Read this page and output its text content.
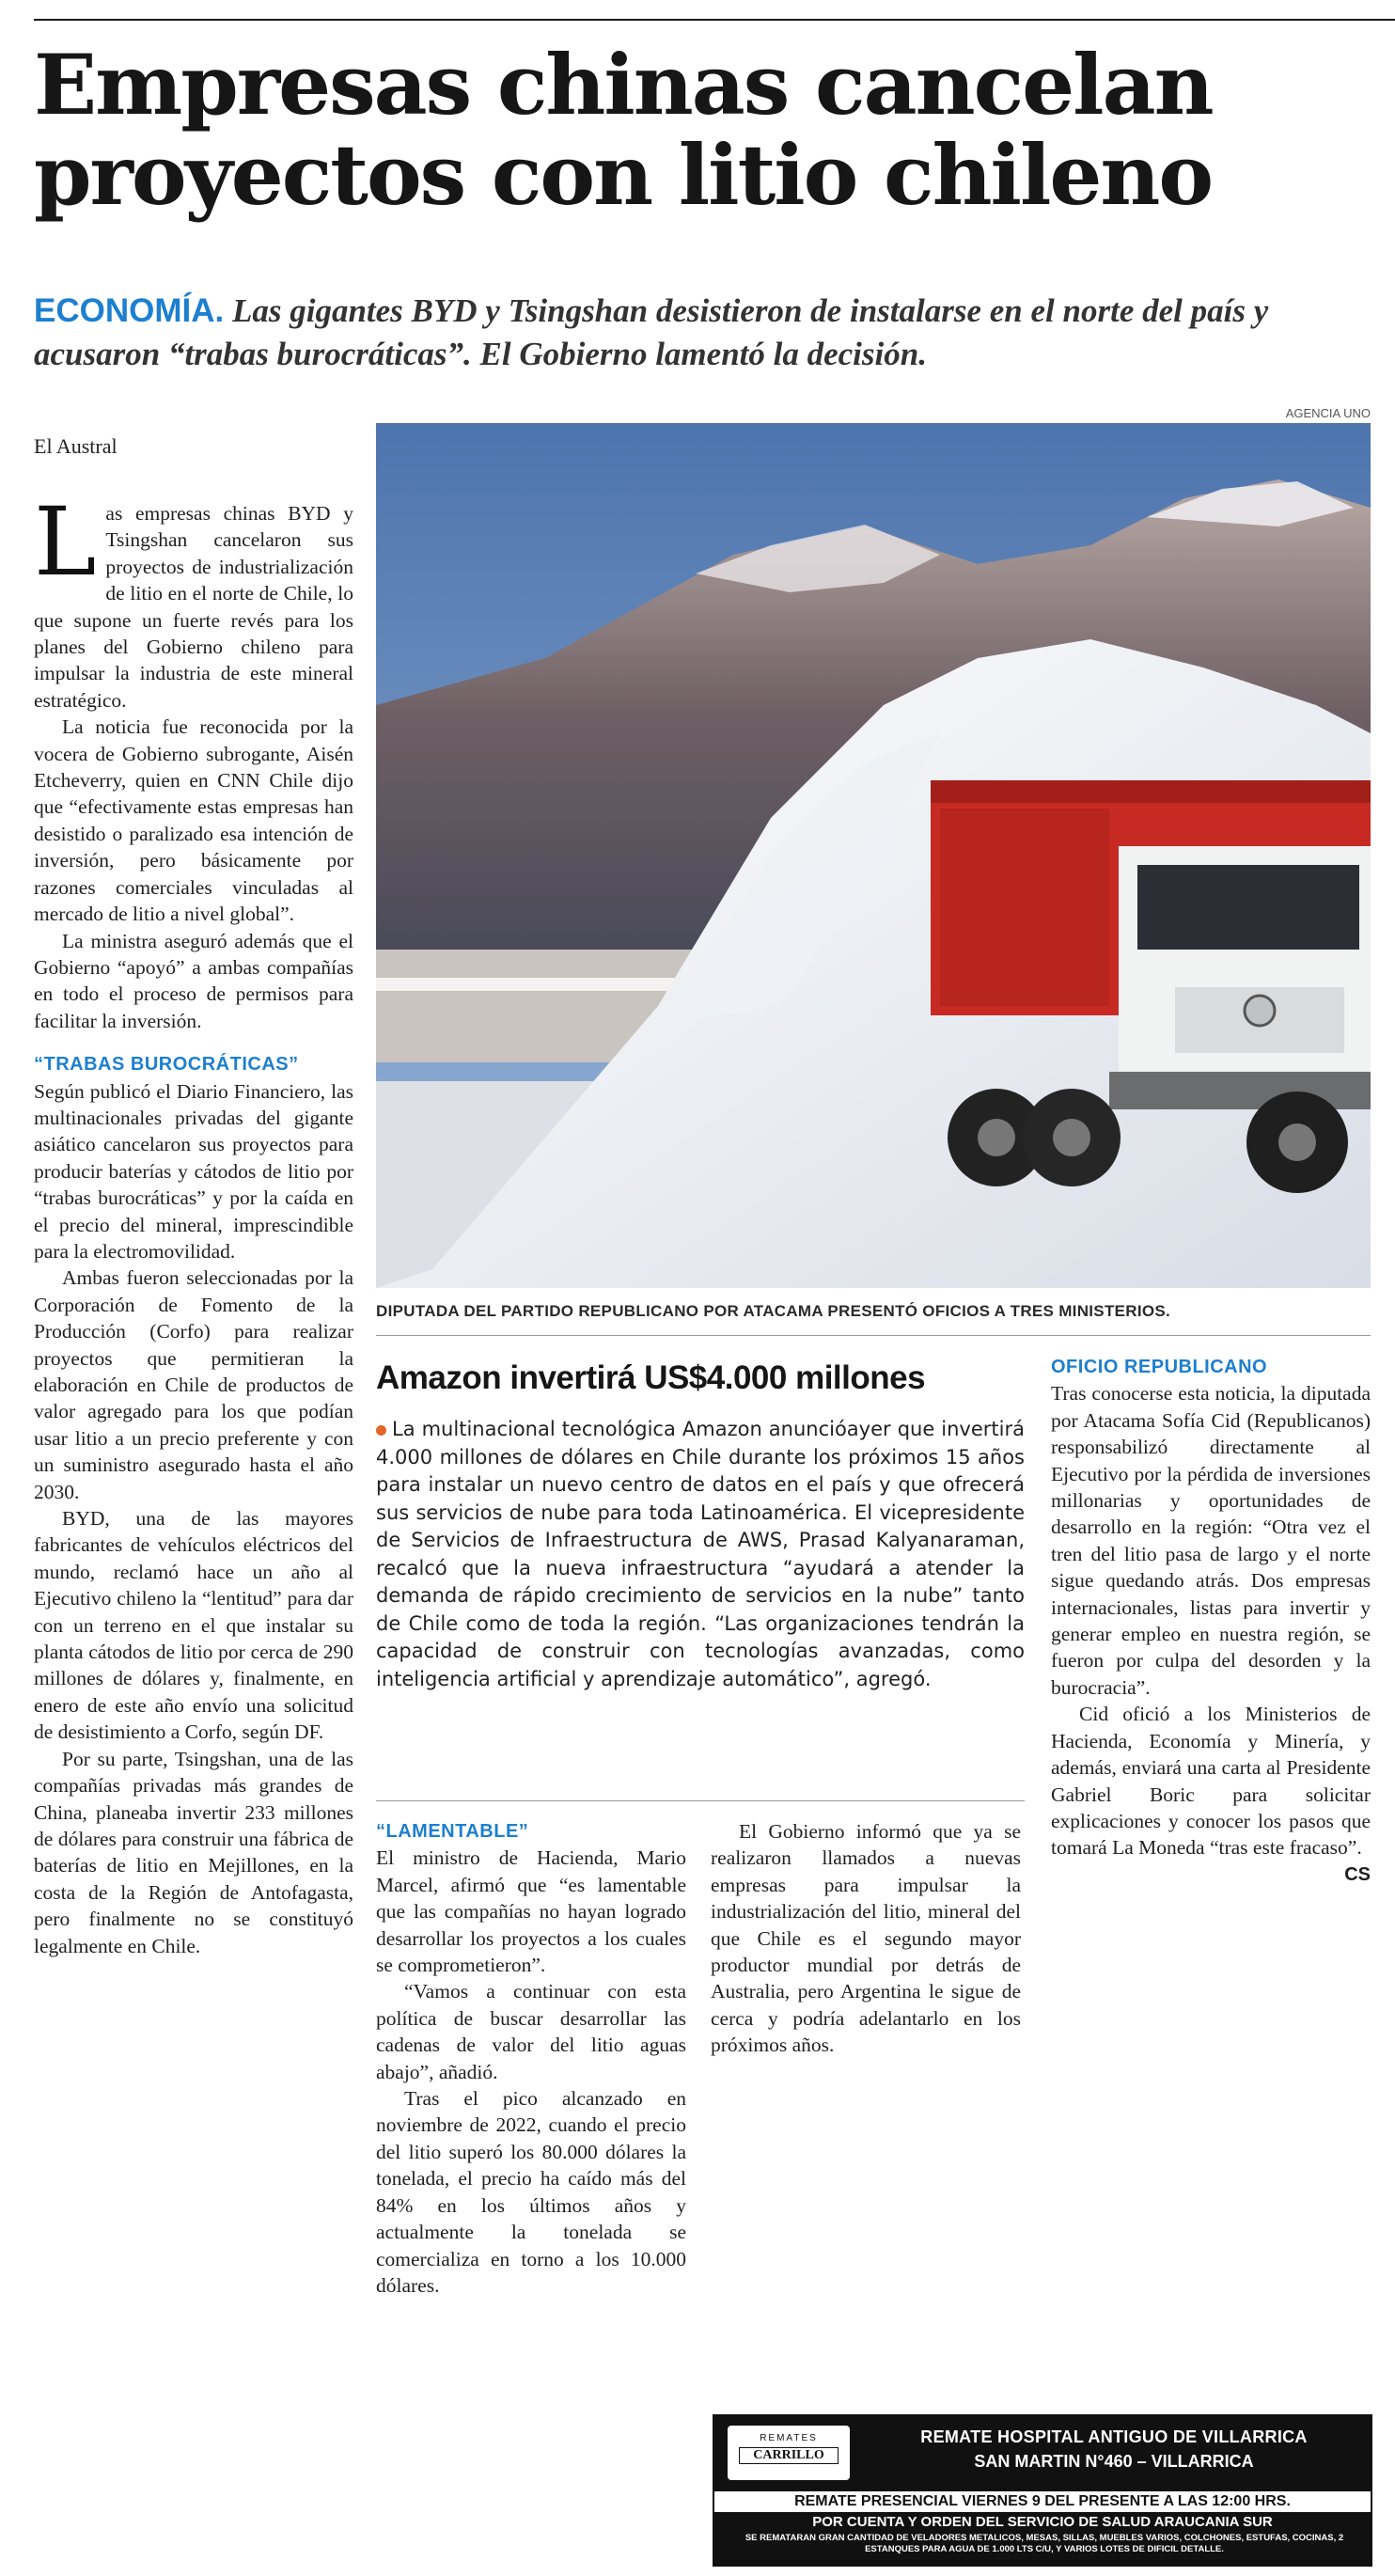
Empresas chinas cancelan proyectos con litio chileno
ECONOMÍA. Las gigantes BYD y Tsingshan desistieron de instalarse en el norte del país y acusaron “trabas burocráticas”. El Gobierno lamentó la decisión.
El Austral
AGENCIA UNO
DIPUTADA DEL PARTIDO REPUBLICANO POR ATACAMA PRESENTÓ OFICIOS A TRES MINISTERIOS.

Las empresas chinas BYD y Tsingshan cancelaron sus proyectos de industrialización de litio en el norte de Chile, lo que supone un fuerte revés para los planes del Gobierno chileno para impulsar la industria de este mineral estratégico.

La noticia fue reconocida por la vocera de Gobierno subrogante, Aisén Etcheverry, quien en CNN Chile dijo que “efectivamente estas empresas han desistido o paralizado esa intención de inversión, pero básicamente por razones comerciales vinculadas al mercado de litio a nivel global”.

La ministra aseguró además que el Gobierno “apoyó” a ambas compañías en todo el proceso de permisos para facilitar la inversión.

“TRABAS BUROCRÁTICAS”

Según publicó el Diario Financiero, las multinacionales privadas del gigante asiático cancelaron sus proyectos para producir baterías y cátodos de litio por “trabas burocráticas” y por la caída en el precio del mineral, imprescindible para la electromovilidad.

Ambas fueron seleccionadas por la Corporación de Fomento de la Producción (Corfo) para realizar proyectos que permitieran la elaboración en Chile de productos de valor agregado para los que podían usar litio a un precio preferente y con un suministro asegurado hasta el año 2030.

BYD, una de las mayores fabricantes de vehículos eléctricos del mundo, reclamó hace un año al Ejecutivo chileno la “lentitud” para dar con un terreno en el que instalar su planta cátodos de litio por cerca de 290 millones de dólares y, finalmente, en enero de este año envío una solicitud de desistimiento a Corfo, según DF.

Por su parte, Tsingshan, una de las compañías privadas más grandes de China, planeaba invertir 233 millones de dólares para construir una fábrica de baterías de litio en Mejillones, en la costa de la Región de Antofagasta, pero finalmente no se constituyó legalmente en Chile.

Amazon invertirá US$4.000 millones
La multinacional tecnológica Amazon anuncióayer que invertirá 4.000 millones de dólares en Chile durante los próximos 15 años para instalar un nuevo centro de datos en el país y que ofrecerá sus servicios de nube para toda Latinoamérica. El vicepresidente de Servicios de Infraestructura de AWS, Prasad Kalyanaraman, recalcó que la nueva infraestructura “ayudará a atender la demanda de rápido crecimiento de servicios en la nube” tanto de Chile como de toda la región. “Las organizaciones tendrán la capacidad de construir con tecnologías avanzadas, como inteligencia artificial y aprendizaje automático”, agregó.

“LAMENTABLE”

El ministro de Hacienda, Mario Marcel, afirmó que “es lamentable que las compañías no hayan logrado desarrollar los proyectos a los cuales se comprometieron”.

“Vamos a continuar con esta política de buscar desarrollar las cadenas de valor del litio aguas abajo”, añadió.

Tras el pico alcanzado en noviembre de 2022, cuando el precio del litio superó los 80.000 dólares la tonelada, el precio ha caído más del 84% en los últimos años y actualmente la tonelada se comercializa en torno a los 10.000 dólares.

El Gobierno informó que ya se realizaron llamados a nuevas empresas para impulsar la industrialización del litio, mineral del que Chile es el segundo mayor productor mundial por detrás de Australia, pero Argentina le sigue de cerca y podría adelantarlo en los próximos años.

OFICIO REPUBLICANO

Tras conocerse esta noticia, la diputada por Atacama Sofía Cid (Republicanos) responsabilizó directamente al Ejecutivo por la pérdida de inversiones millonarias y oportunidades de desarrollo en la región: “Otra vez el tren del litio pasa de largo y el norte sigue quedando atrás. Dos empresas internacionales, listas para invertir y generar empleo en nuestra región, se fueron por culpa del desorden y la burocracia”.

Cid ofició a los Ministerios de Hacienda, Economía y Minería, y además, enviará una carta al Presidente Gabriel Boric para solicitar explicaciones y conocer los pasos que tomará La Moneda “tras este fracaso”.
CS

REMATES
CARRILLO
REMATE HOSPITAL ANTIGUO DE VILLARRICA
SAN MARTIN N°460 – VILLARRICA
REMATE PRESENCIAL VIERNES 9 DEL PRESENTE A LAS 12:00 HRS.
POR CUENTA Y ORDEN DEL SERVICIO DE SALUD ARAUCANIA SUR
SE REMATARAN GRAN CANTIDAD DE VELADORES METALICOS, MESAS, SILLAS, MUEBLES VARIOS, COLCHONES, ESTUFAS, COCINAS, 2 ESTANQUES PARA AGUA DE 1.000 LTS C/U, Y VARIOS LOTES DE DIFICIL DETALLE.
